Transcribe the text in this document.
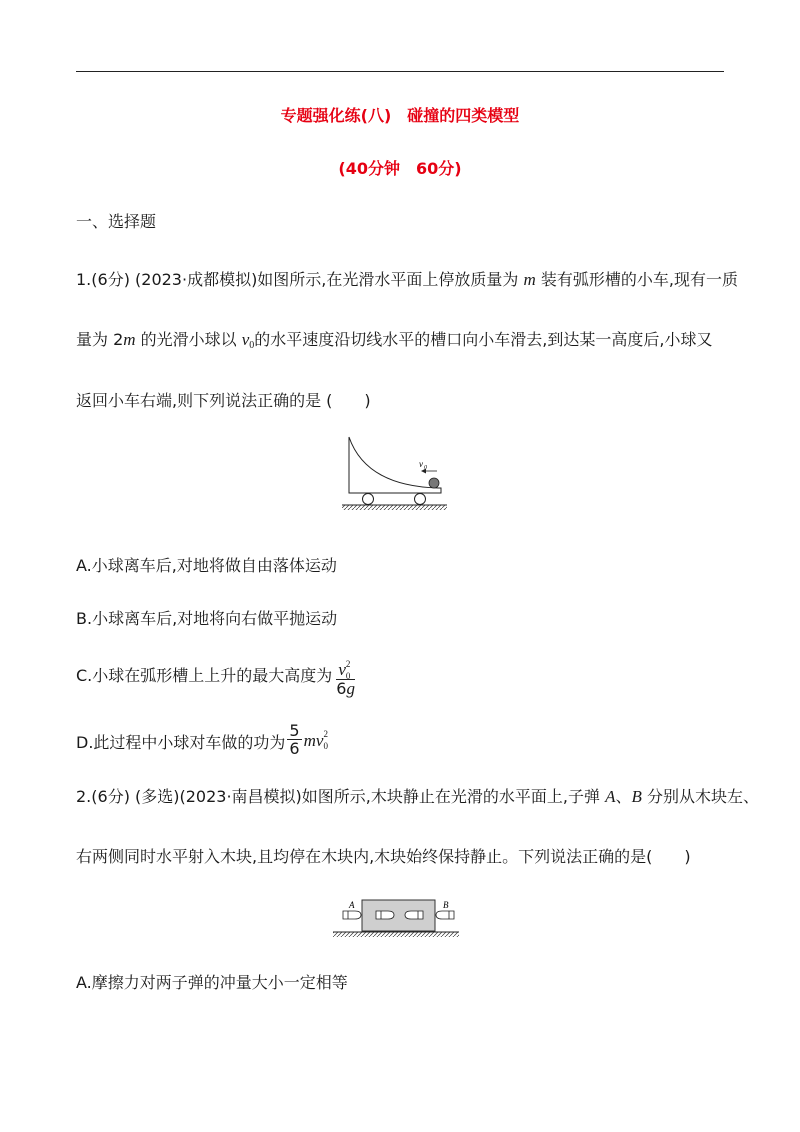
专题强化练(八)　碰撞的四类模型
(40分钟　60分)
一、选择题
1.(6分) (2023·成都模拟)如图所示,在光滑水平面上停放质量为 m 装有弧形槽的小车,现有一质
量为 2m 的光滑小球以 $v_0$的水平速度沿切线水平的槽口向小车滑去,到达某一高度后,小球又
返回小车右端,则下列说法正确的是 (　　)
v 0
A.小球离车后,对地将做自由落体运动
B.小球离车后,对地将向右做平抛运动
C.小球在弧形槽上上升的最大高度为 v 2
0
6g
D.此过程中小球对车做的功为 $\frac{5}{6}$ m v 2
0
2.(6分) (多选)(2023·南昌模拟)如图所示,木块静止在光滑的水平面上,子弹 A、B 分别从木块左、
右两侧同时水平射入木块,且均停在木块内,木块始终保持静止。下列说法正确的是(　　)
A	B
A.摩擦力对两子弹的冲量大小一定相等
